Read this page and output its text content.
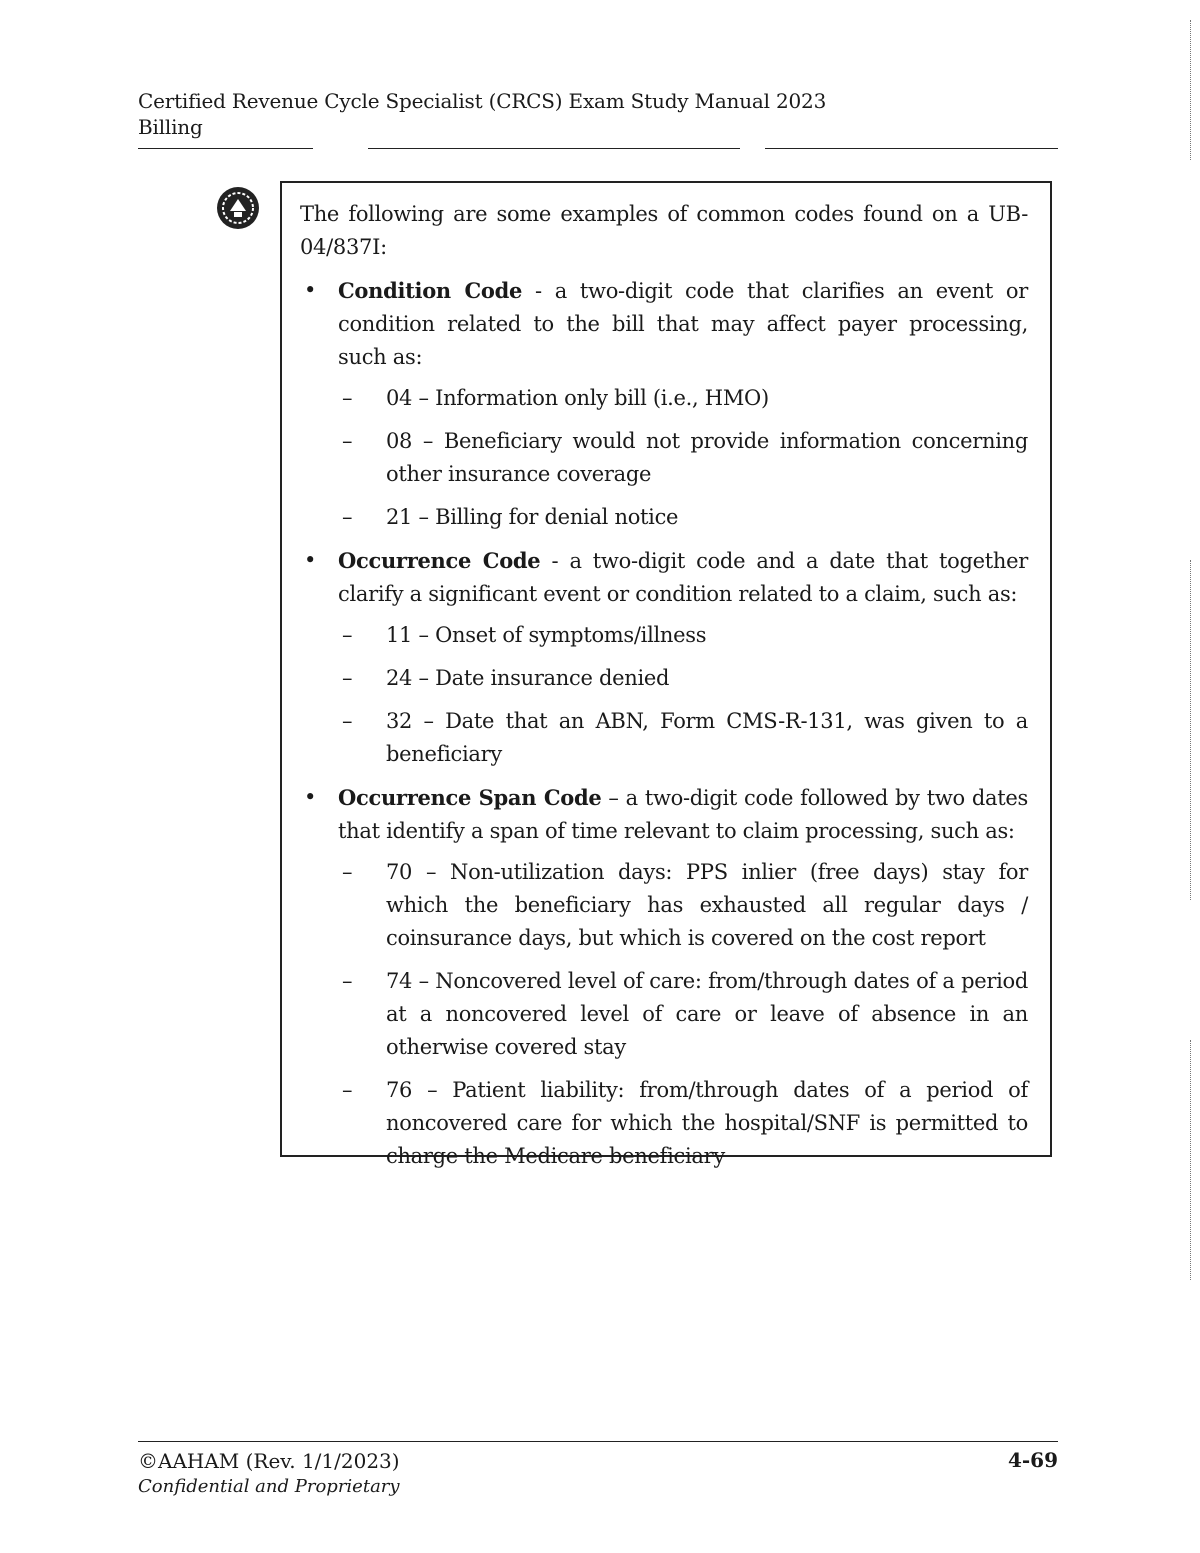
Certified Revenue Cycle Specialist (CRCS) Exam Study Manual 2023
Billing

The following are some examples of common codes found on a UB-04/837I:

• Condition Code - a two-digit code that clarifies an event or condition related to the bill that may affect payer processing, such as:
– 04 – Information only bill (i.e., HMO)
– 08 – Beneficiary would not provide information concerning other insurance coverage
– 21 – Billing for denial notice
• Occurrence Code - a two-digit code and a date that together clarify a significant event or condition related to a claim, such as:
– 11 – Onset of symptoms/illness
– 24 – Date insurance denied
– 32 – Date that an ABN, Form CMS-R-131, was given to a beneficiary
• Occurrence Span Code – a two-digit code followed by two dates that identify a span of time relevant to claim processing, such as:
– 70 – Non-utilization days: PPS inlier (free days) stay for which the beneficiary has exhausted all regular days / coinsurance days, but which is covered on the cost report
– 74 – Noncovered level of care: from/through dates of a period at a noncovered level of care or leave of absence in an otherwise covered stay
– 76 – Patient liability: from/through dates of a period of noncovered care for which the hospital/SNF is permitted to charge the Medicare beneficiary
©AAHAM (Rev. 1/1/2023)
Confidential and Proprietary
4-69
